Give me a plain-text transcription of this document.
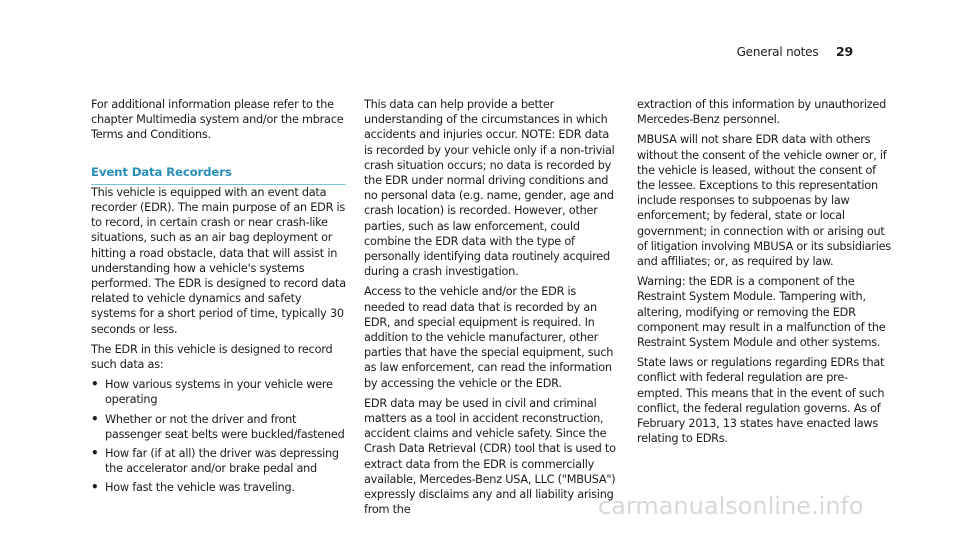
General notes 29

For additional information please refer to the chapter Multimedia system and/or the mbrace Terms and Conditions.

Event Data Recorders

This vehicle is equipped with an event data recorder (EDR). The main purpose of an EDR is to record, in certain crash or near crash-like situations, such as an air bag deployment or hitting a road obstacle, data that will assist in understanding how a vehicle's systems performed. The EDR is designed to record data related to vehicle dynamics and safety systems for a short period of time, typically 30 seconds or less.

The EDR in this vehicle is designed to record such data as:

• How various systems in your vehicle were operating
• Whether or not the driver and front passenger seat belts were buckled/fastened
• How far (if at all) the driver was depressing the accelerator and/or brake pedal and
• How fast the vehicle was traveling.

This data can help provide a better understanding of the circumstances in which accidents and injuries occur. NOTE: EDR data is recorded by your vehicle only if a non-trivial crash situation occurs; no data is recorded by the EDR under normal driving conditions and no personal data (e.g. name, gender, age and crash location) is recorded. However, other parties, such as law enforcement, could combine the EDR data with the type of personally identifying data routinely acquired during a crash investigation.

Access to the vehicle and/or the EDR is needed to read data that is recorded by an EDR, and special equipment is required. In addition to the vehicle manufacturer, other parties that have the special equipment, such as law enforcement, can read the information by accessing the vehicle or the EDR.

EDR data may be used in civil and criminal matters as a tool in accident reconstruction, accident claims and vehicle safety. Since the Crash Data Retrieval (CDR) tool that is used to extract data from the EDR is commercially available, Mercedes-Benz USA, LLC ("MBUSA") expressly disclaims any and all liability arising from the

extraction of this information by unauthorized Mercedes-Benz personnel.

MBUSA will not share EDR data with others without the consent of the vehicle owner or, if the vehicle is leased, without the consent of the lessee. Exceptions to this representation include responses to subpoenas by law enforcement; by federal, state or local government; in connection with or arising out of litigation involving MBUSA or its subsidiaries and affiliates; or, as required by law.

Warning: the EDR is a component of the Restraint System Module. Tampering with, altering, modifying or removing the EDR component may result in a malfunction of the Restraint System Module and other systems.

State laws or regulations regarding EDRs that conflict with federal regulation are pre-empted. This means that in the event of such conflict, the federal regulation governs. As of February 2013, 13 states have enacted laws relating to EDRs.

carmanualsonline.info
